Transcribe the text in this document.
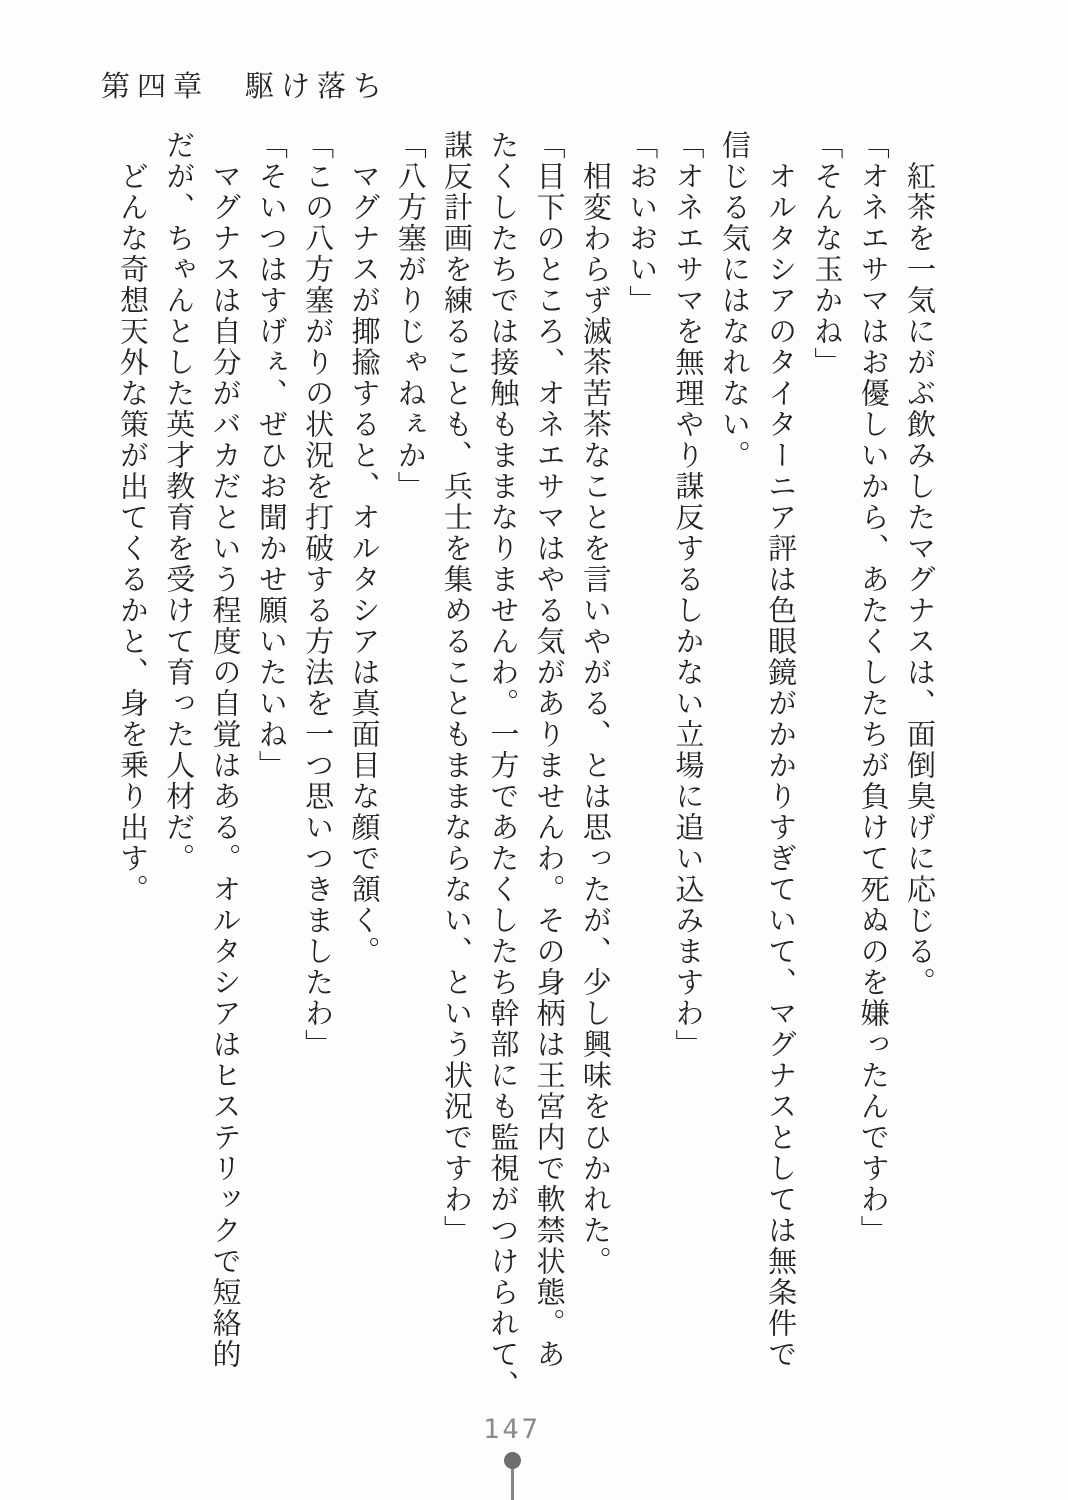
第四章　駆け落ち
紅茶を一気にがぶ飲みしたマグナスは、面倒臭げに応じる。
「オネエサマはお優しいから、あたくしたちが負けて死ぬのを嫌ったんですわ」
「そんな玉かね」
オルタシアのタイターニア評は色眼鏡がかかりすぎていて、マグナスとしては無条件で
信じる気にはなれない。
「オネエサマを無理やり謀反するしかない立場に追い込みますわ」
「おいおい」
相変わらず滅茶苦茶なことを言いやがる、とは思ったが、少し興味をひかれた。
「目下のところ、オネエサマはやる気がありませんわ。その身柄は王宮内で軟禁状態。あ
たくしたちでは接触もままなりませんわ。一方であたくしたち幹部にも監視がつけられて、
謀反計画を練ることも、兵士を集めることもままならない、という状況ですわ」
「八方塞がりじゃねぇか」
マグナスが揶揄すると、オルタシアは真面目な顔で頷く。
「この八方塞がりの状況を打破する方法を一つ思いつきましたわ」
「そいつはすげぇ、ぜひお聞かせ願いたいね」
マグナスは自分がバカだという程度の自覚はある。オルタシアはヒステリックで短絡的
だが、ちゃんとした英才教育を受けて育った人材だ。
どんな奇想天外な策が出てくるかと、身を乗り出す。
147
